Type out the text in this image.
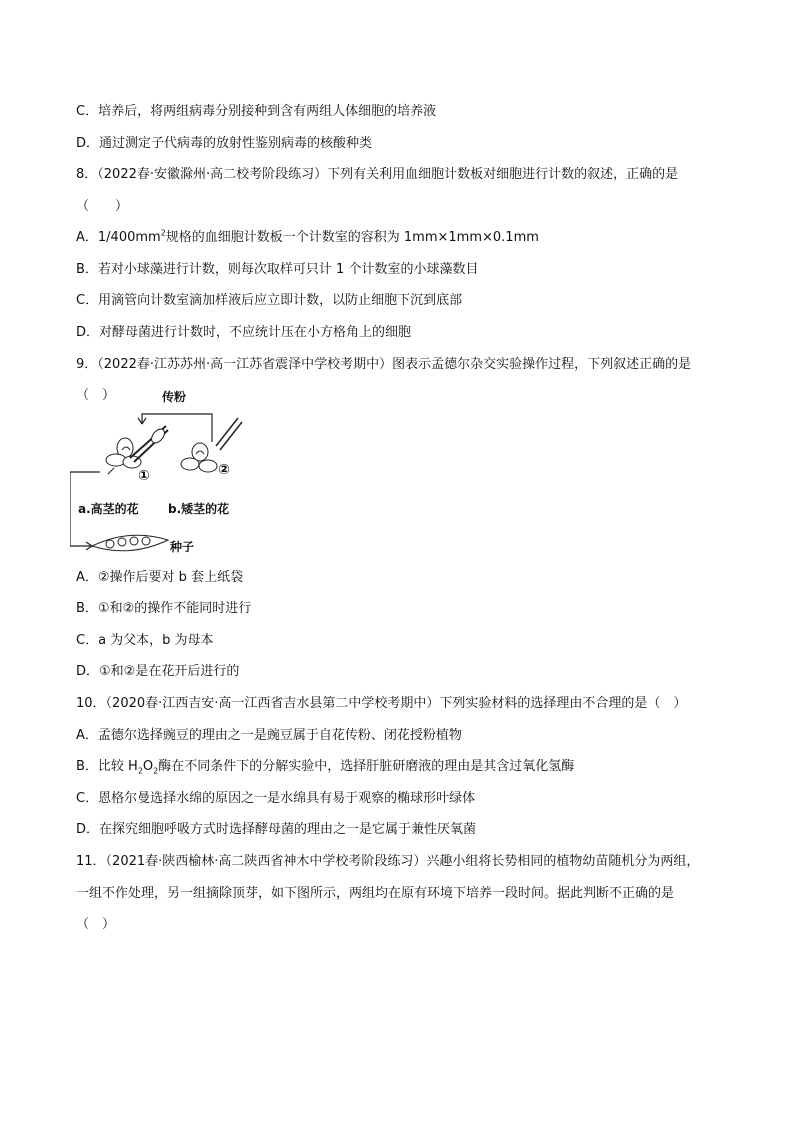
C．培养后，将两组病毒分别接种到含有两组人体细胞的培养液
D．通过测定子代病毒的放射性鉴别病毒的核酸种类
8．（2022春·安徽滁州·高二校考阶段练习）下列有关利用血细胞计数板对细胞进行计数的叙述，正确的是
（　　）
A．$1/400mm^2$规格的血细胞计数板一个计数室的容积为 1mm×1mm×0.1mm
B．若对小球藻进行计数，则每次取样可只计 1 个计数室的小球藻数目
C．用滴管向计数室滴加样液后应立即计数，以防止细胞下沉到底部
D．对酵母菌进行计数时，不应统计压在小方格角上的细胞
9．（2022春·江苏苏州·高一江苏省震泽中学校考期中）图表示孟德尔杂交实验操作过程，下列叙述正确的是
（　）	传粉
①	②
a.高茎的花 b.矮茎的花
种子
A．②操作后要对 b 套上纸袋
B．①和②的操作不能同时进行
C．a 为父本，b 为母本
D．①和②是在花开后进行的
10．（2020春·江西吉安·高一江西省吉水县第二中学校考期中）下列实验材料的选择理由不合理的是（　）
A．孟德尔选择豌豆的理由之一是豌豆属于自花传粉、闭花授粉植物
B．比较 $H_2O_2$酶在不同条件下的分解实验中，选择肝脏研磨液的理由是其含过氧化氢酶
C．恩格尔曼选择水绵的原因之一是水绵具有易于观察的椭球形叶绿体
D．在探究细胞呼吸方式时选择酵母菌的理由之一是它属于兼性厌氧菌
11．（2021春·陕西榆林·高二陕西省神木中学校考阶段练习）兴趣小组将长势相同的植物幼苗随机分为两组，
一组不作处理，另一组摘除顶芽，如下图所示，两组均在原有环境下培养一段时间。据此判断不正确的是
（　）
